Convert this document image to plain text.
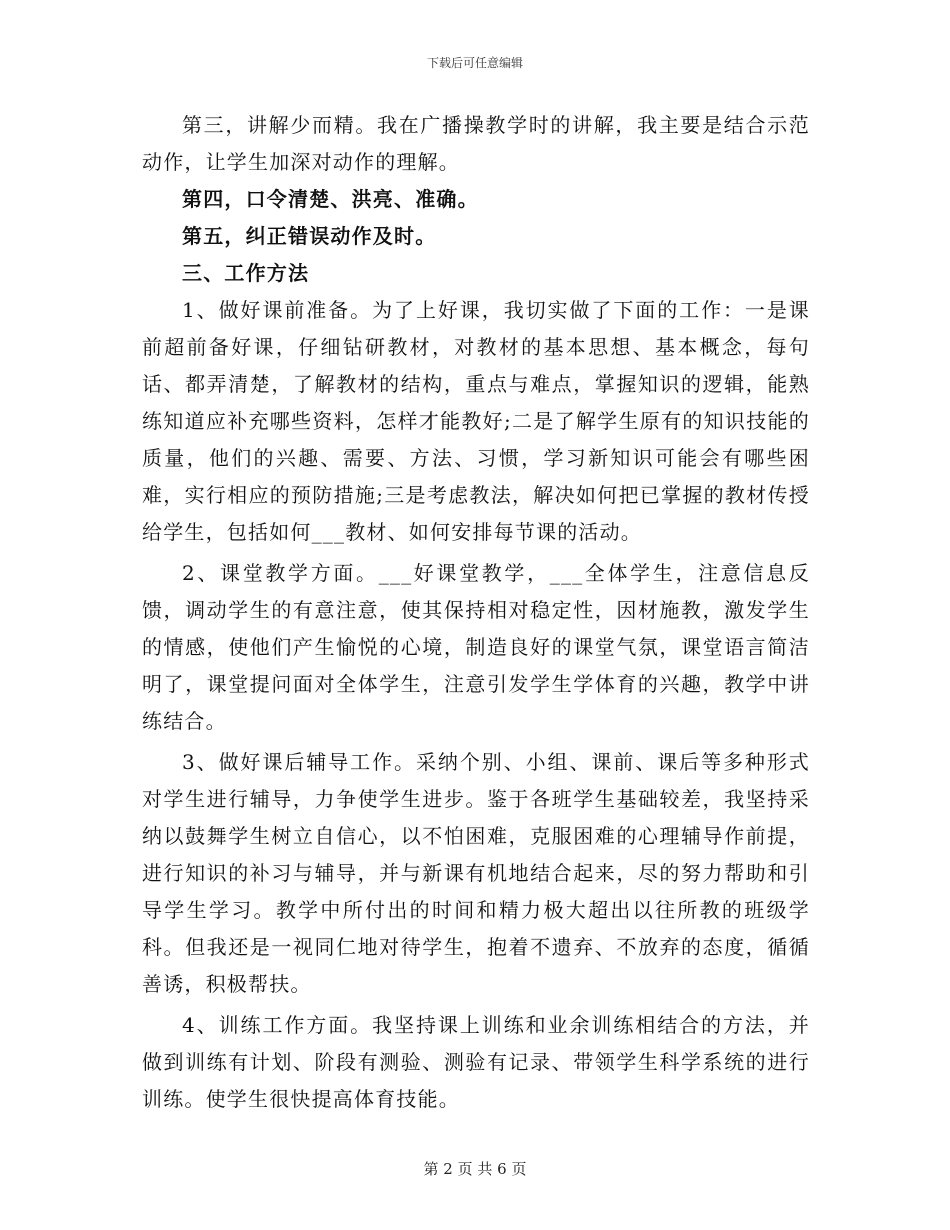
下载后可任意编辑

第三，讲解少而精。我在广播操教学时的讲解，我主要是结合示范动作，让学生加深对动作的理解。

第四，口令清楚、洪亮、准确。

第五，纠正错误动作及时。

三、工作方法

1、做好课前准备。为了上好课，我切实做了下面的工作：一是课前超前备好课，仔细钻研教材，对教材的基本思想、基本概念，每句话、都弄清楚，了解教材的结构，重点与难点，掌握知识的逻辑，能熟练知道应补充哪些资料，怎样才能教好;二是了解学生原有的知识技能的质量，他们的兴趣、需要、方法、习惯，学习新知识可能会有哪些困难，实行相应的预防措施;三是考虑教法，解决如何把已掌握的教材传授给学生，包括如何___教材、如何安排每节课的活动。

2、课堂教学方面。___好课堂教学，___全体学生，注意信息反馈，调动学生的有意注意，使其保持相对稳定性，因材施教，激发学生的情感，使他们产生愉悦的心境，制造良好的课堂气氛，课堂语言简洁明了，课堂提问面对全体学生，注意引发学生学体育的兴趣，教学中讲练结合。

3、做好课后辅导工作。采纳个别、小组、课前、课后等多种形式对学生进行辅导，力争使学生进步。鉴于各班学生基础较差，我坚持采纳以鼓舞学生树立自信心，以不怕困难，克服困难的心理辅导作前提，进行知识的补习与辅导，并与新课有机地结合起来，尽的努力帮助和引导学生学习。教学中所付出的时间和精力极大超出以往所教的班级学科。但我还是一视同仁地对待学生，抱着不遗弃、不放弃的态度，循循善诱，积极帮扶。

4、训练工作方面。我坚持课上训练和业余训练相结合的方法，并做到训练有计划、阶段有测验、测验有记录、带领学生科学系统的进行训练。使学生很快提高体育技能。

第 2 页 共 6 页
